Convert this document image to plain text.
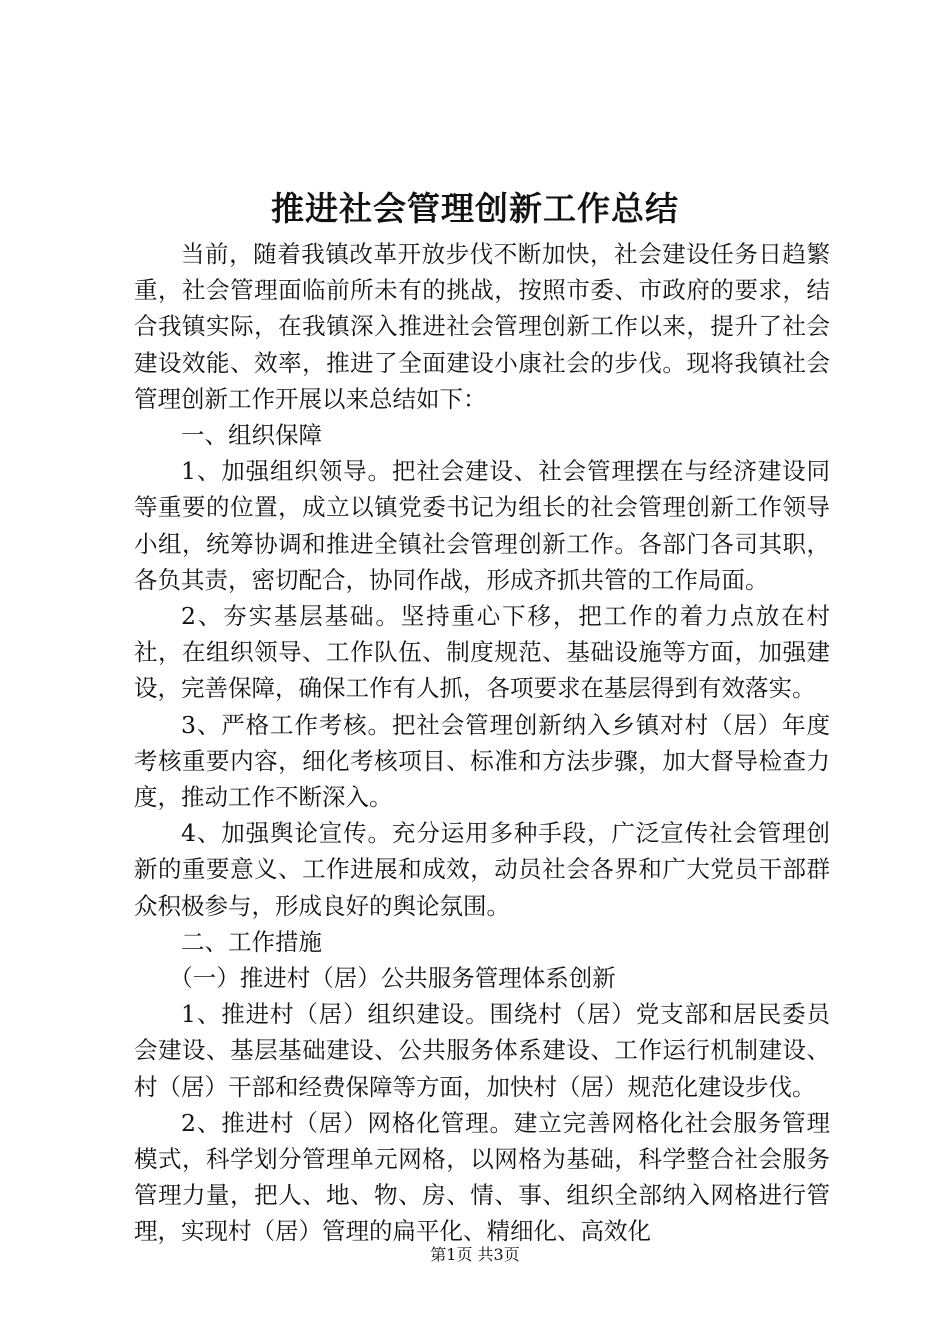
推进社会管理创新工作总结

当前，随着我镇改革开放步伐不断加快，社会建设任务日趋繁重，社会管理面临前所未有的挑战，按照市委、市政府的要求，结合我镇实际，在我镇深入推进社会管理创新工作以来，提升了社会建设效能、效率，推进了全面建设小康社会的步伐。现将我镇社会管理创新工作开展以来总结如下：

一、组织保障

1、加强组织领导。把社会建设、社会管理摆在与经济建设同等重要的位置，成立以镇党委书记为组长的社会管理创新工作领导小组，统筹协调和推进全镇社会管理创新工作。各部门各司其职，各负其责，密切配合，协同作战，形成齐抓共管的工作局面。

2、夯实基层基础。坚持重心下移，把工作的着力点放在村社，在组织领导、工作队伍、制度规范、基础设施等方面，加强建设，完善保障，确保工作有人抓，各项要求在基层得到有效落实。

3、严格工作考核。把社会管理创新纳入乡镇对村（居）年度考核重要内容，细化考核项目、标准和方法步骤，加大督导检查力度，推动工作不断深入。

4、加强舆论宣传。充分运用多种手段，广泛宣传社会管理创新的重要意义、工作进展和成效，动员社会各界和广大党员干部群众积极参与，形成良好的舆论氛围。

二、工作措施

（一）推进村（居）公共服务管理体系创新

1、推进村（居）组织建设。围绕村（居）党支部和居民委员会建设、基层基础建设、公共服务体系建设、工作运行机制建设、村（居）干部和经费保障等方面，加快村（居）规范化建设步伐。

2、推进村（居）网格化管理。建立完善网格化社会服务管理模式，科学划分管理单元网格，以网格为基础，科学整合社会服务管理力量，把人、地、物、房、情、事、组织全部纳入网格进行管理，实现村（居）管理的扁平化、精细化、高效化

第1页 共3页
